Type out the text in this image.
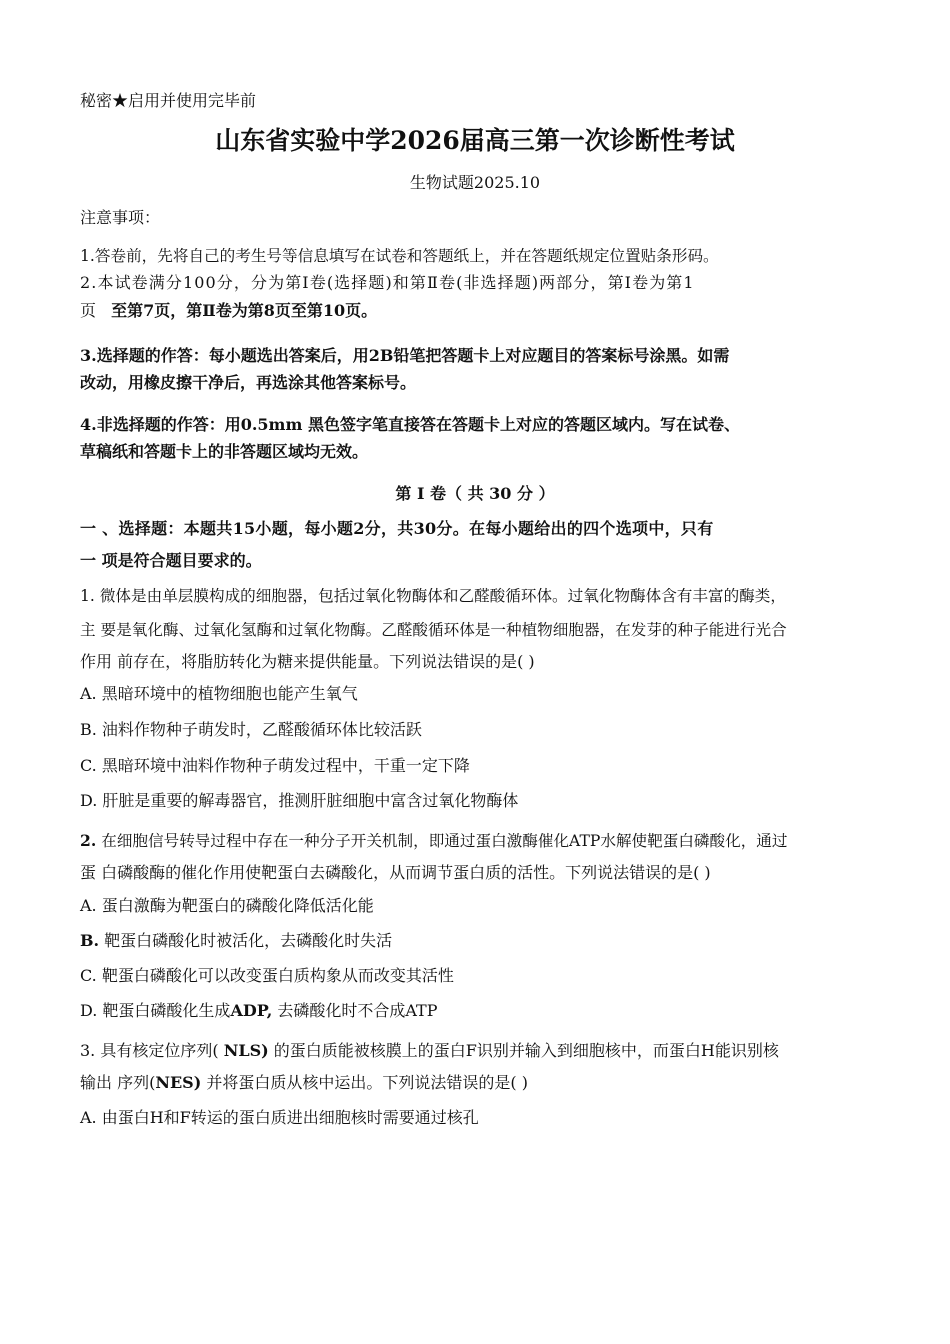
秘密★启用并使用完毕前
山东省实验中学2026届高三第一次诊断性考试
生物试题2025.10
注意事项：
1.答卷前，先将自己的考生号等信息填写在试卷和答题纸上，并在答题纸规定位置贴条形码。
2.本试卷满分100分，分为第Ⅰ卷(选择题)和第Ⅱ卷(非选择题)两部分，第Ⅰ卷为第1
页 至第7页，第Ⅱ卷为第8页至第10页。
3.选择题的作答：每小题选出答案后，用2B铅笔把答题卡上对应题目的答案标号涂黑。如需
改动，用橡皮擦干净后，再选涂其他答案标号。
4.非选择题的作答：用0.5mm 黑色签字笔直接答在答题卡上对应的答题区域内。写在试卷、
草稿纸和答题卡上的非答题区域均无效。
第 I 卷（ 共 30 分 ）
一 、选择题：本题共15小题，每小题2分，共30分。在每小题给出的四个选项中，只有
一 项是符合题目要求的。
1. 微体是由单层膜构成的细胞器，包括过氧化物酶体和乙醛酸循环体。过氧化物酶体含有丰富的酶类，
主 要是氧化酶、过氧化氢酶和过氧化物酶。乙醛酸循环体是一种植物细胞器，在发芽的种子能进行光合
作用 前存在，将脂肪转化为糖来提供能量。下列说法错误的是( )
A. 黑暗环境中的植物细胞也能产生氧气
B. 油料作物种子萌发时，乙醛酸循环体比较活跃
C. 黑暗环境中油料作物种子萌发过程中，干重一定下降
D. 肝脏是重要的解毒器官，推测肝脏细胞中富含过氧化物酶体
2. 在细胞信号转导过程中存在一种分子开关机制，即通过蛋白激酶催化ATP水解使靶蛋白磷酸化，通过
蛋 白磷酸酶的催化作用使靶蛋白去磷酸化，从而调节蛋白质的活性。下列说法错误的是( )
A. 蛋白激酶为靶蛋白的磷酸化降低活化能
B. 靶蛋白磷酸化时被活化，去磷酸化时失活
C. 靶蛋白磷酸化可以改变蛋白质构象从而改变其活性
D. 靶蛋白磷酸化生成ADP, 去磷酸化时不合成ATP
3. 具有核定位序列( NLS) 的蛋白质能被核膜上的蛋白F识别并输入到细胞核中，而蛋白H能识别核
输出 序列(NES) 并将蛋白质从核中运出。下列说法错误的是( )
A. 由蛋白H和F转运的蛋白质进出细胞核时需要通过核孔
